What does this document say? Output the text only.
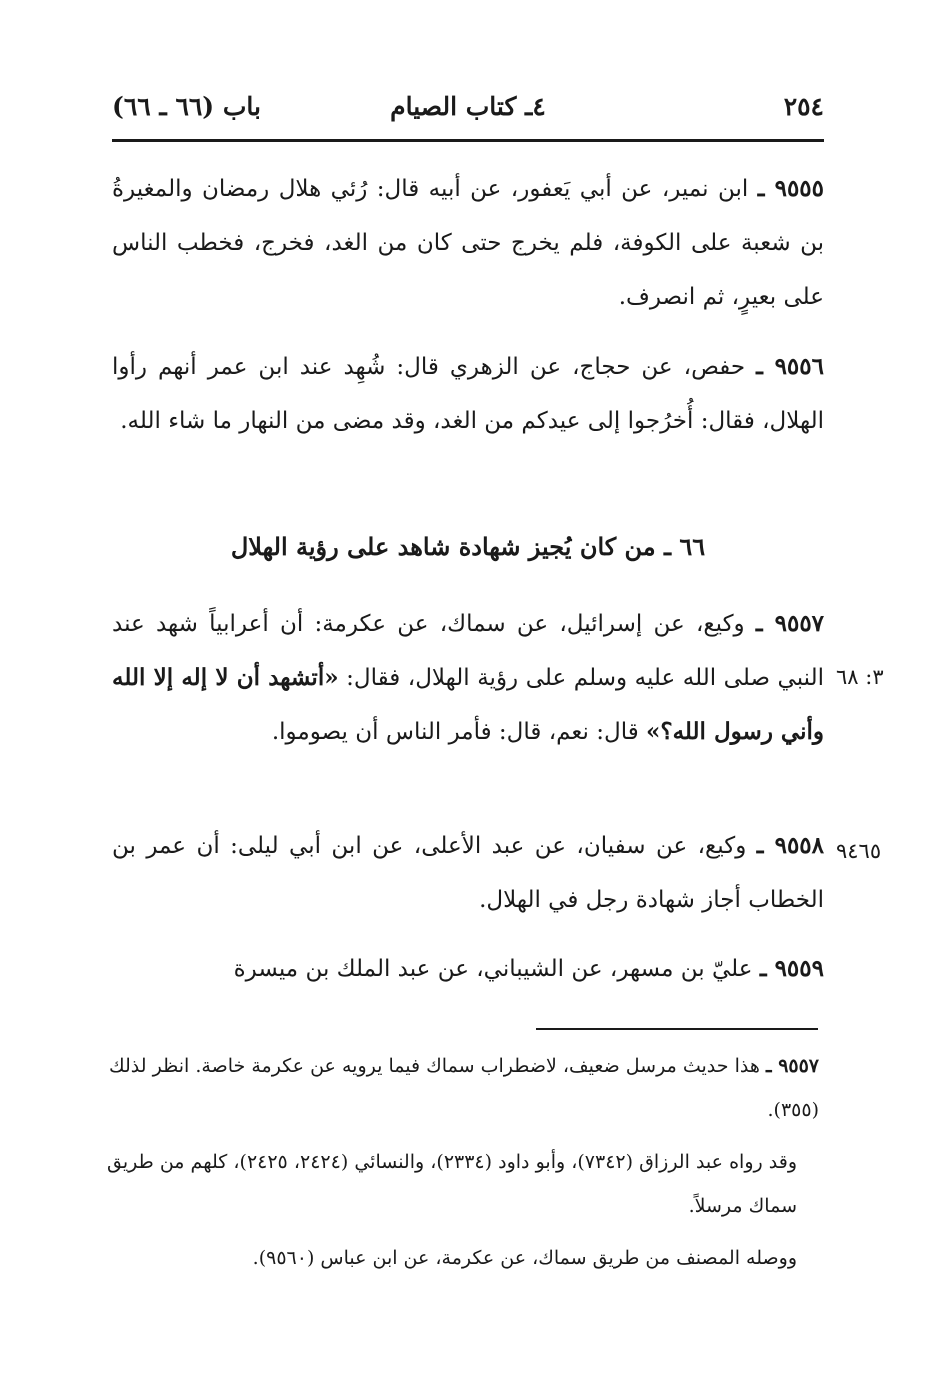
٢٥٤
٤ـ كتاب الصيام
باب (٦٦ ـ ٦٦)

٩٥٥٥ ـ ابن نمير، عن أبي يَعفور، عن أبيه قال: رُئي هلال رمضان والمغيرةُ بن شعبة على الكوفة، فلم يخرج حتى كان من الغد، فخرج، فخطب الناس على بعيرٍ، ثم انصرف.

٩٥٥٦ ـ حفص، عن حجاج، عن الزهري قال: شُهِد عند ابن عمر أنهم رأوا الهلال، فقال: أُخرُجوا إلى عيدكم من الغد، وقد مضى من النهار ما شاء الله.

٦٦ ـ من كان يُجيز شهادة شاهد على رؤية الهلال

٩٥٥٧ ـ وكيع، عن إسرائيل، عن سماك، عن عكرمة: أن أعرابياً شهد عند النبي صلى الله عليه وسلم على رؤية الهلال، فقال: «أتشهد أن لا إله إلا الله وأني رسول الله؟» قال: نعم، قال: فأمر الناس أن يصوموا.

٣: ٦٨

٩٥٥٨ ـ وكيع، عن سفيان، عن عبد الأعلى، عن ابن أبي ليلى: أن عمر بن الخطاب أجاز شهادة رجل في الهلال.

٩٤٦٥

٩٥٥٩ ـ عليّ بن مسهر، عن الشيباني، عن عبد الملك بن ميسرة

٩٥٥٧ ـ هذا حديث مرسل ضعيف، لاضطراب سماك فيما يرويه عن عكرمة خاصة. انظر لذلك (٣٥٥).

وقد رواه عبد الرزاق (٧٣٤٢)، وأبو داود (٢٣٣٤)، والنسائي (٢٤٢٤، ٢٤٢٥)، كلهم من طريق سماك مرسلاً.

ووصله المصنف من طريق سماك، عن عكرمة، عن ابن عباس (٩٥٦٠).
